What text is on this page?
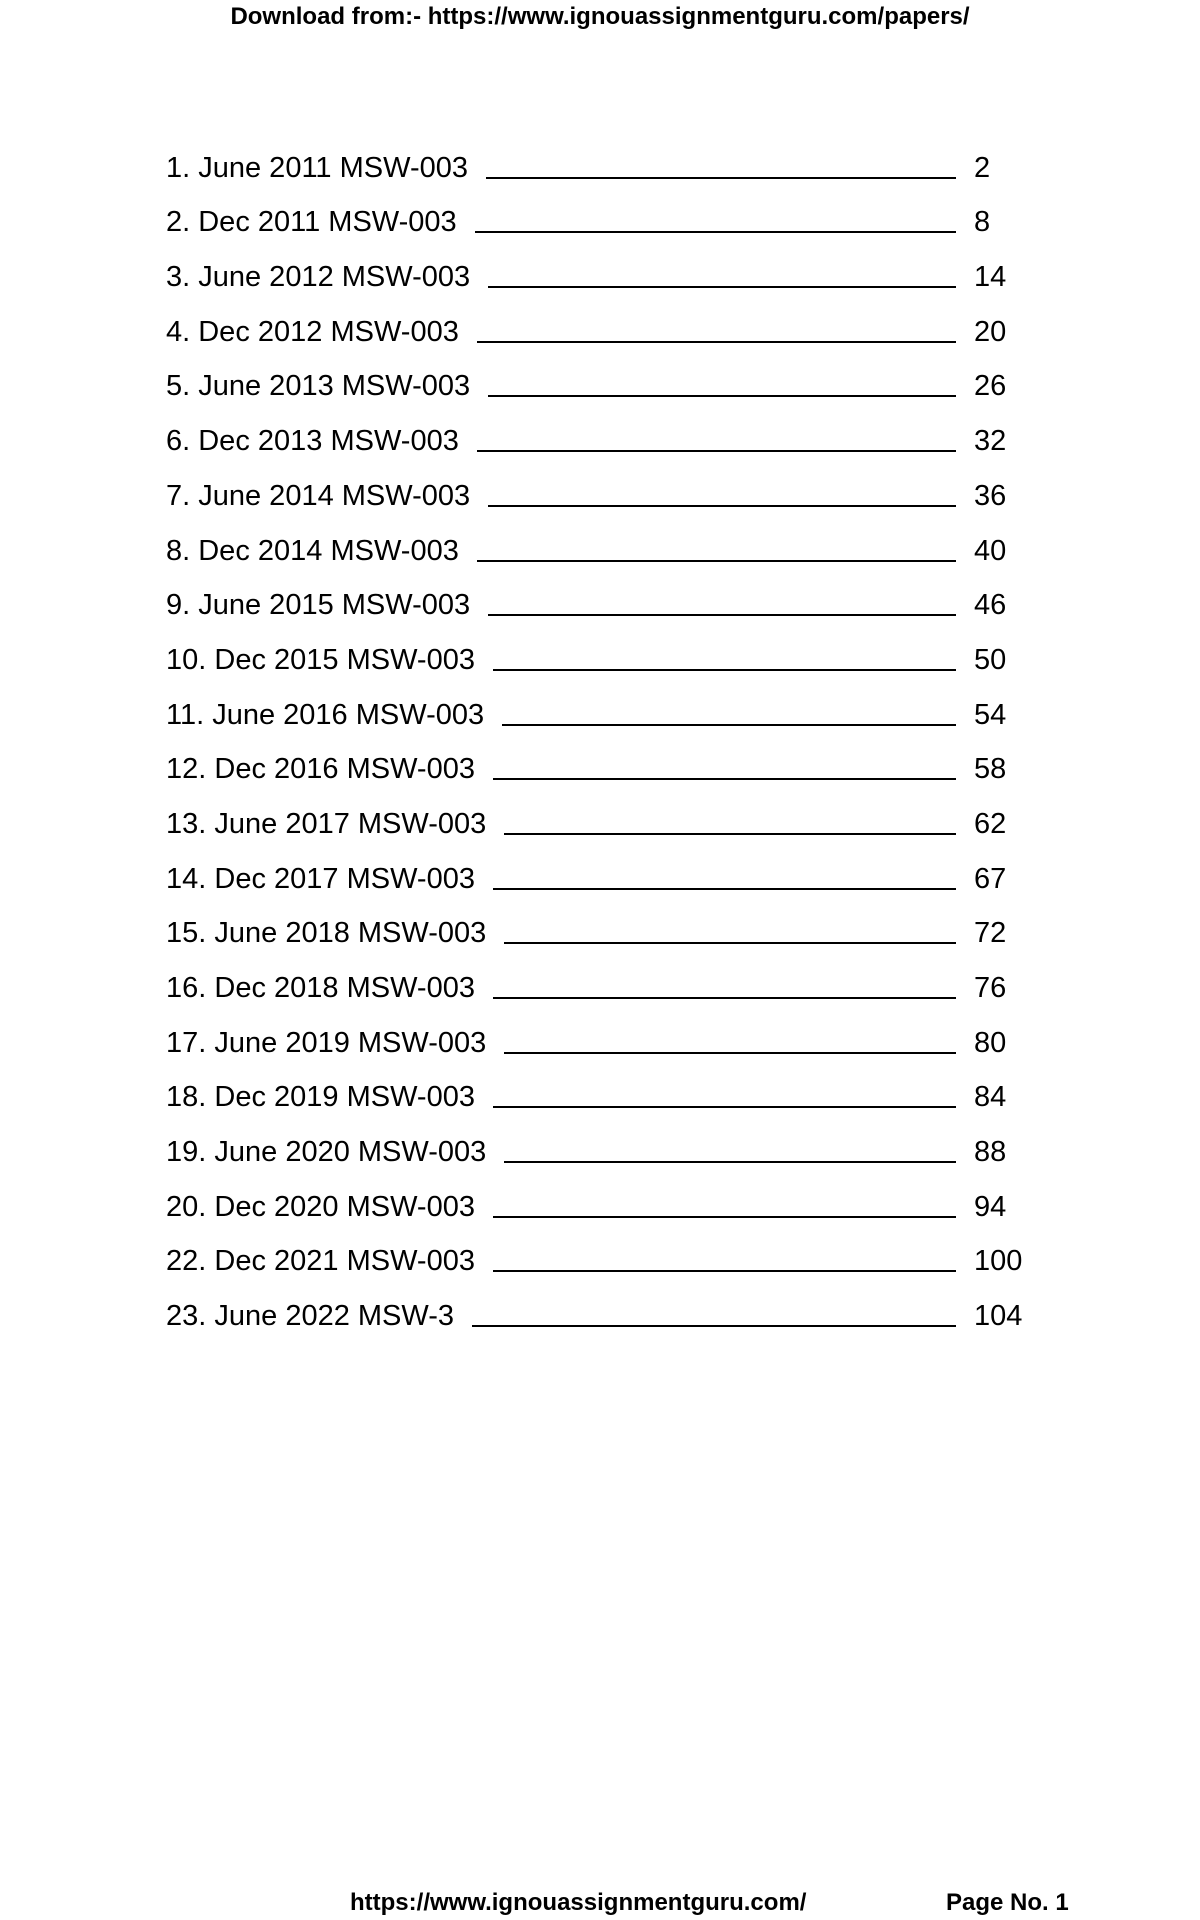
Download from:- https://www.ignouassignmentguru.com/papers/
1. June 2011 MSW-003	2
2. Dec 2011 MSW-003	8
3. June 2012 MSW-003	14
4. Dec 2012 MSW-003	20
5. June 2013 MSW-003	26
6. Dec 2013 MSW-003	32
7. June 2014 MSW-003	36
8. Dec 2014 MSW-003	40
9. June 2015 MSW-003	46
10. Dec 2015 MSW-003	50
11. June 2016 MSW-003	54
12. Dec 2016 MSW-003	58
13. June 2017 MSW-003	62
14. Dec 2017 MSW-003	67
15. June 2018 MSW-003	72
16. Dec 2018 MSW-003	76
17. June 2019 MSW-003	80
18. Dec 2019 MSW-003	84
19. June 2020 MSW-003	88
20. Dec 2020 MSW-003	94
22. Dec 2021 MSW-003	100
23. June 2022 MSW-3	104
https://www.ignouassignmentguru.com/	Page No. 1
